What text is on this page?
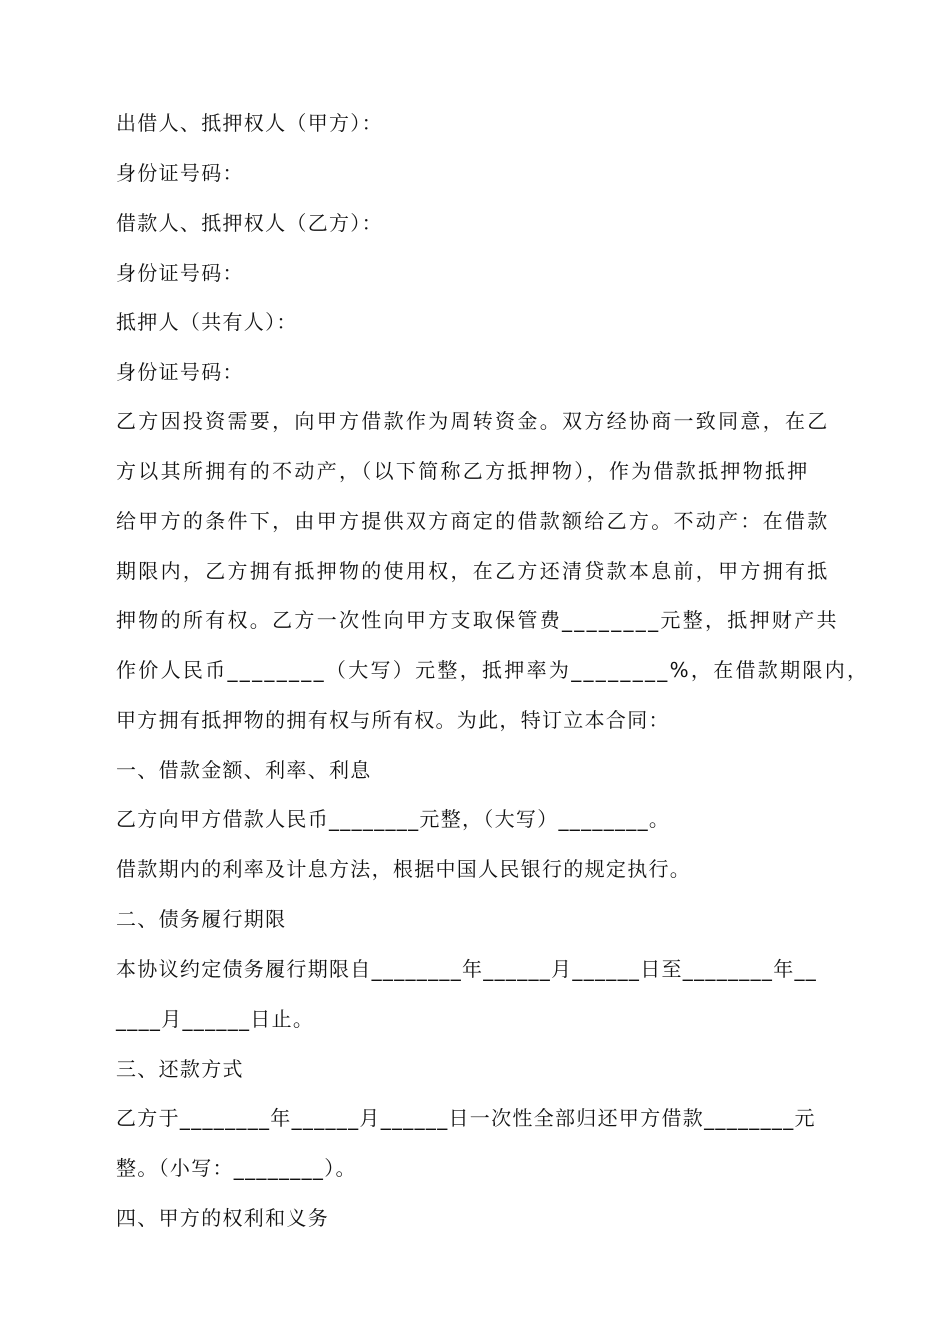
出借人、抵押权人（甲方）：
身份证号码：
借款人、抵押权人（乙方）：
身份证号码：
抵押人（共有人）：
身份证号码：
乙方因投资需要，向甲方借款作为周转资金。双方经协商一致同意，在乙
方以其所拥有的不动产，（以下简称乙方抵押物），作为借款抵押物抵押
给甲方的条件下，由甲方提供双方商定的借款额给乙方。不动产：在借款
期限内，乙方拥有抵押物的使用权，在乙方还清贷款本息前，甲方拥有抵
押物的所有权。乙方一次性向甲方支取保管费________元整，抵押财产共
作价人民币________（大写）元整，抵押率为________%，在借款期限内，
甲方拥有抵押物的拥有权与所有权。为此，特订立本合同：
一、借款金额、利率、利息
乙方向甲方借款人民币________元整，（大写）________。
借款期内的利率及计息方法，根据中国人民银行的规定执行。
二、债务履行期限
本协议约定债务履行期限自________年______月______日至________年__
____月______日止。
三、还款方式
乙方于________年______月______日一次性全部归还甲方借款________元
整。（小写：________）。
四、甲方的权利和义务
